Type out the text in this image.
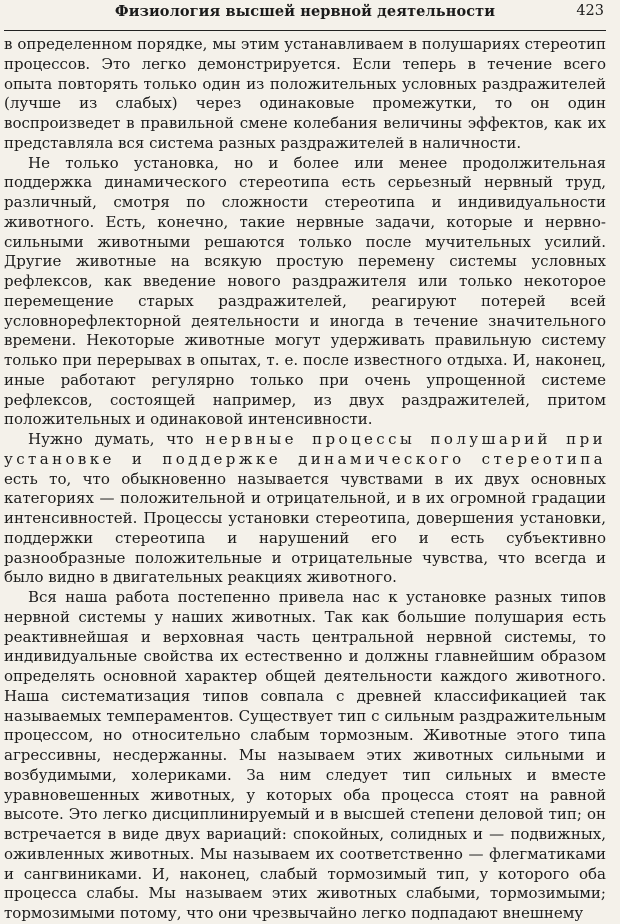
Физиология высшей нервной деятельности	423

в определенном порядке, мы этим устанавливаем в полушариях стереотип процессов. Это легко демонстрируется. Если теперь в течение всего опыта повторять только один из положительных условных раздражителей (лучше из слабых) через одинаковые промежутки, то он один воспроизведет в правильной смене колебания величины эффектов, как их представляла вся система разных раздражителей в наличности.

Не только установка, но и более или менее продолжительная поддержка динамического стереотипа есть серьезный нервный труд, различный, смотря по сложности стереотипа и индивидуальности животного. Есть, конечно, такие нервные задачи, которые и нервно-сильными животными решаются только после мучительных усилий. Другие животные на всякую простую перемену системы условных рефлексов, как введение нового раздражителя или только некоторое перемещение старых раздражителей, реагируют потерей всей условнорефлекторной деятельности и иногда в течение значительного времени. Некоторые животные могут удерживать правильную систему только при перерывах в опытах, т. е. после известного отдыха. И, наконец, иные работают регулярно только при очень упрощенной системе рефлексов, состоящей например, из двух раздражителей, притом положительных и одинаковой интенсивности.

Нужно думать, что нервные процессы полушарий при установке и поддержке динамического стереотипа есть то, что обыкновенно называется чувствами в их двух основных категориях — положительной и отрицательной, и в их огромной градации интенсивностей. Процессы установки стереотипа, довершения установки, поддержки стереотипа и нарушений его и есть субъективно разнообразные положительные и отрицательные чувства, что всегда и было видно в двигательных реакциях животного.

Вся наша работа постепенно привела нас к установке разных типов нервной системы у наших животных. Так как большие полушария есть реактивнейшая и верховная часть центральной нервной системы, то индивидуальные свойства их естественно и должны главнейшим образом определять основной характер общей деятельности каждого животного. Наша систематизация типов совпала с древней классификацией так называемых темпераментов. Существует тип с сильным раздражительным процессом, но относительно слабым тормозным. Животные этого типа агрессивны, несдержанны. Мы называем этих животных сильными и возбудимыми, холериками. За ним следует тип сильных и вместе уравновешенных животных, у которых оба процесса стоят на равной высоте. Это легко дисциплинируемый и в высшей степени деловой тип; он встречается в виде двух вариаций: спокойных, солидных и — подвижных, оживленных животных. Мы называем их соответственно — флегматиками и сангвиниками. И, наконец, слабый тормозимый тип, у которого оба процесса слабы. Мы называем этих животных слабыми, тормозимыми; тормозимыми потому, что они чрезвычайно легко подпадают внешнему
